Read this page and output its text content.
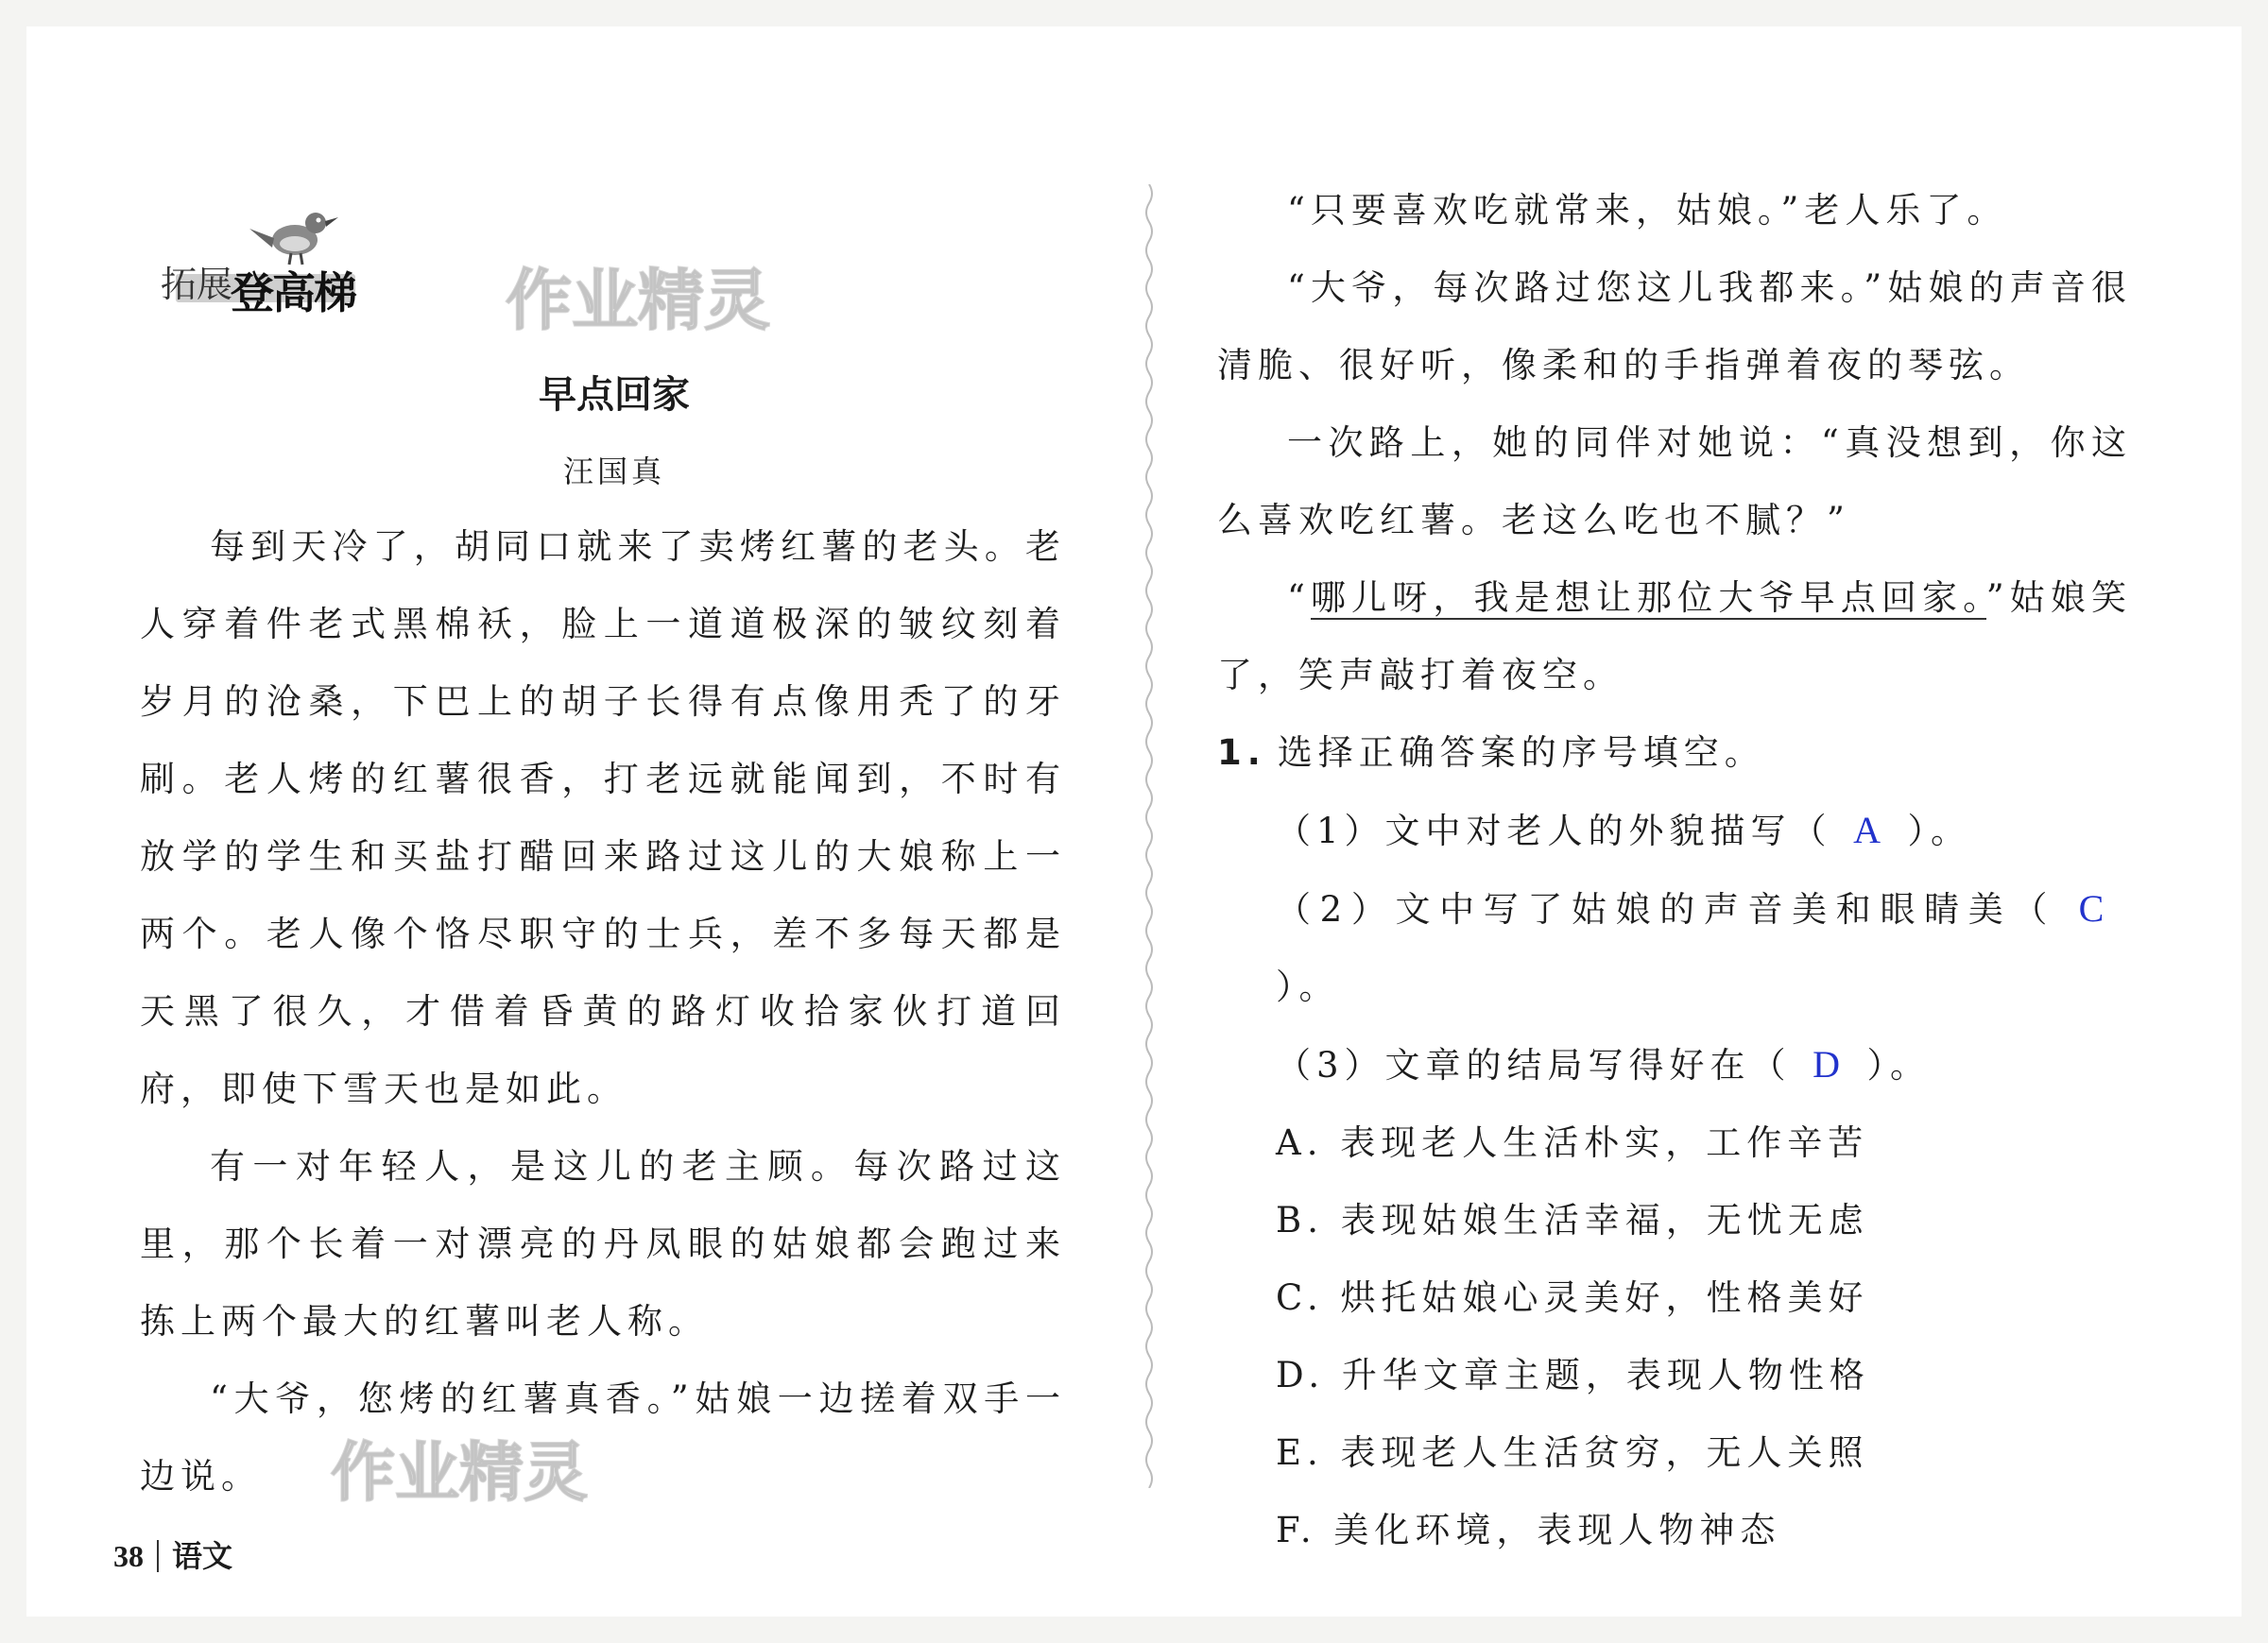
拓展
登高梯 作业精灵
早点回家
汪国真

每到天冷了，胡同口就来了卖烤红薯的老头。老人穿着件老式黑棉袄，脸上一道道极深的皱纹刻着岁月的沧桑，下巴上的胡子长得有点像用秃了的牙刷。老人烤的红薯很香，打老远就能闻到，不时有放学的学生和买盐打醋回来路过这儿的大娘称上一两个。老人像个恪尽职守的士兵，差不多每天都是天黑了很久，才借着昏黄的路灯收拾家伙打道回府，即使下雪天也是如此。

有一对年轻人，是这儿的老主顾。每次路过这里，那个长着一对漂亮的丹凤眼的姑娘都会跑过来拣上两个最大的红薯叫老人称。

“大爷，您烤的红薯真香。”姑娘一边搓着双手一边说。	作业精灵

“只要喜欢吃就常来，姑娘。”老人乐了。

“大爷，每次路过您这儿我都来。”姑娘的声音很清脆、很好听，像柔和的手指弹着夜的琴弦。

一次路上，她的同伴对她说：“真没想到，你这么喜欢吃红薯。老这么吃也不腻？”

“哪儿呀，我是想让那位大爷早点回家。”姑娘笑了，笑声敲打着夜空。

1. 选择正确答案的序号填空。

（1）文中对老人的外貌描写（ A ）。

（2）文中写了姑娘的声音美和眼睛美（ C）。

（3）文章的结局写得好在（ D ）。

A. 表现老人生活朴实，工作辛苦

B. 表现姑娘生活幸福，无忧无虑

C. 烘托姑娘心灵美好，性格美好

D. 升华文章主题，表现人物性格

E. 表现老人生活贫穷，无人关照

F. 美化环境，表现人物神态

38 语文
